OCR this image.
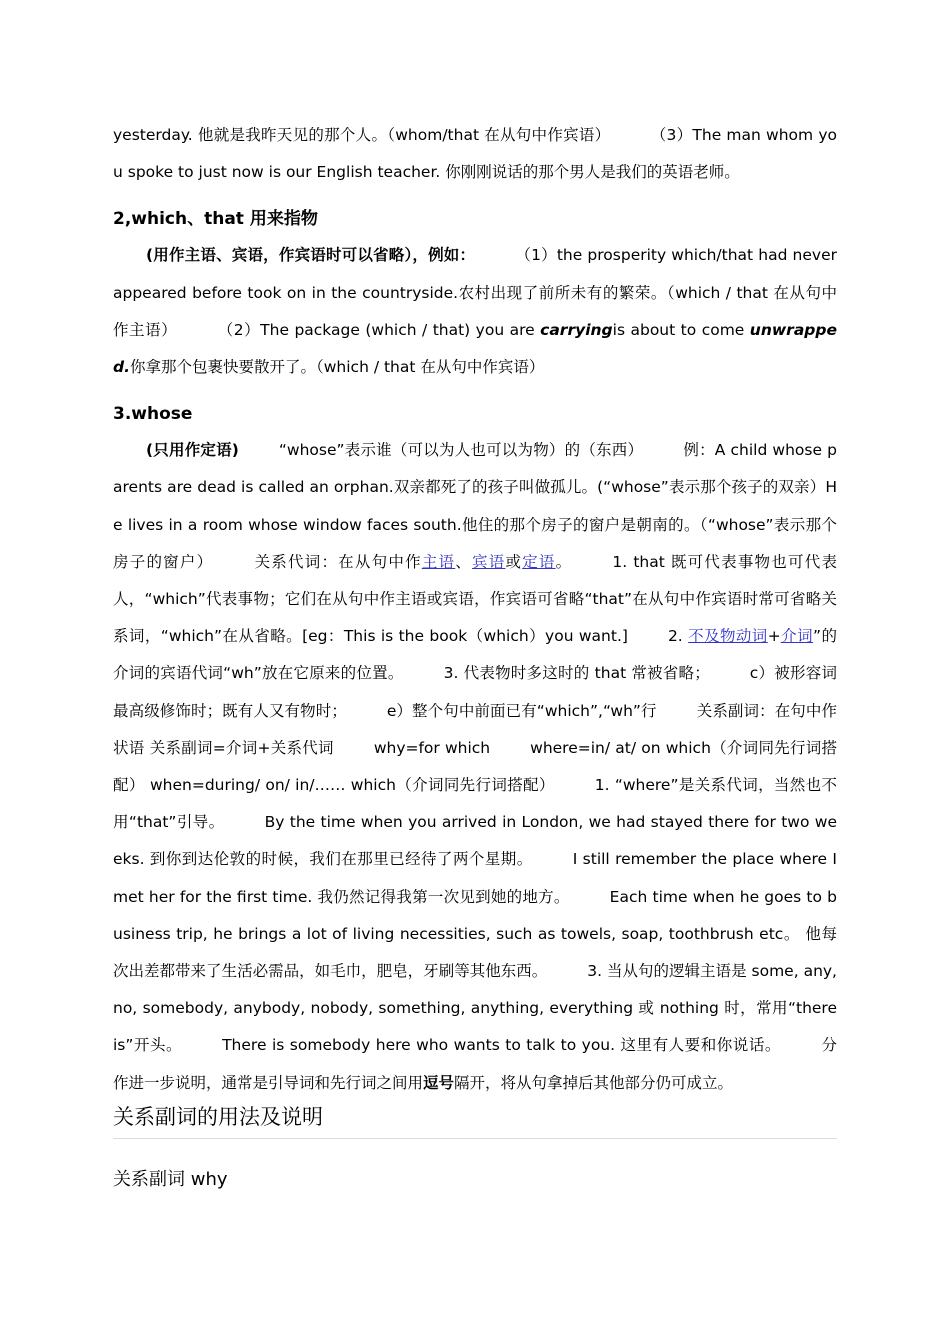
yesterday. 他就是我昨天见的那个人。（whom/that 在从句中作宾语）	（3）The man whom you spoke to just now is our English teacher. 你刚刚说话的那个男人是我们的英语老师。

2,which、that 用来指物

(用作主语、宾语，作宾语时可以省略），例如：	（1）the prosperity which/that had never appeared before took on in the countryside.农村出现了前所未有的繁荣。（which / that 在从句中作主语）	（2）The package (which / that) you are carryingis about to come unwrapped.你拿那个包裹快要散开了。（which / that 在从句中作宾语）

3.whose

(只用作定语)	“whose”表示谁（可以为人也可以为物）的（东西）	例：A child whose parents are dead is called an orphan.双亲都死了的孩子叫做孤儿。(“whose”表示那个孩子的双亲）He lives in a room whose window faces south.他住的那个房子的窗户是朝南的。（“whose”表示那个房子的窗户）	关系代词：在从句中作主语、宾语或定语。	1. that 既可代表事物也可代表人，“which”代表事物；它们在从句中作主语或宾语，作宾语可省略“that”在从句中作宾语时常可省略关系词，“which”在从省略。[eg：This is the book（which）you want.]	2. 不及物动词+介词”的介词的宾语代词“wh”放在它原来的位置。	3. 代表物时多这时的 that 常被省略；	c）被形容词最高级修饰时；既有人又有物时；	e）整个句中前面已有“which”,“wh”行	关系副词：在句中作状语 关系副词=介词+关系代词	why=for which	where=in/ at/ on which（介词同先行词搭配） when=during/ on/ in/…… which（介词同先行词搭配）	1. “where”是关系代词，当然也不用“that”引导。	By the time when you arrived in London, we had stayed there for two weeks. 到你到达伦敦的时候，我们在那里已经待了两个星期。	I still remember the place where I met her for the first time. 我仍然记得我第一次见到她的地方。	Each time when he goes to business trip, he brings a lot of living necessities, such as towels, soap, toothbrush etc。 他每次出差都带来了生活必需品，如毛巾，肥皂，牙刷等其他东西。	3. 当从句的逻辑主语是 some, any, no, somebody, anybody, nobody, something, anything, everything 或 nothing 时，常用“there is”开头。	There is somebody here who wants to talk to you. 这里有人要和你说话。	分作进一步说明，通常是引导词和先行词之间用逗号隔开，将从句拿掉后其他部分仍可成立。

关系副词的用法及说明
关系副词 why
